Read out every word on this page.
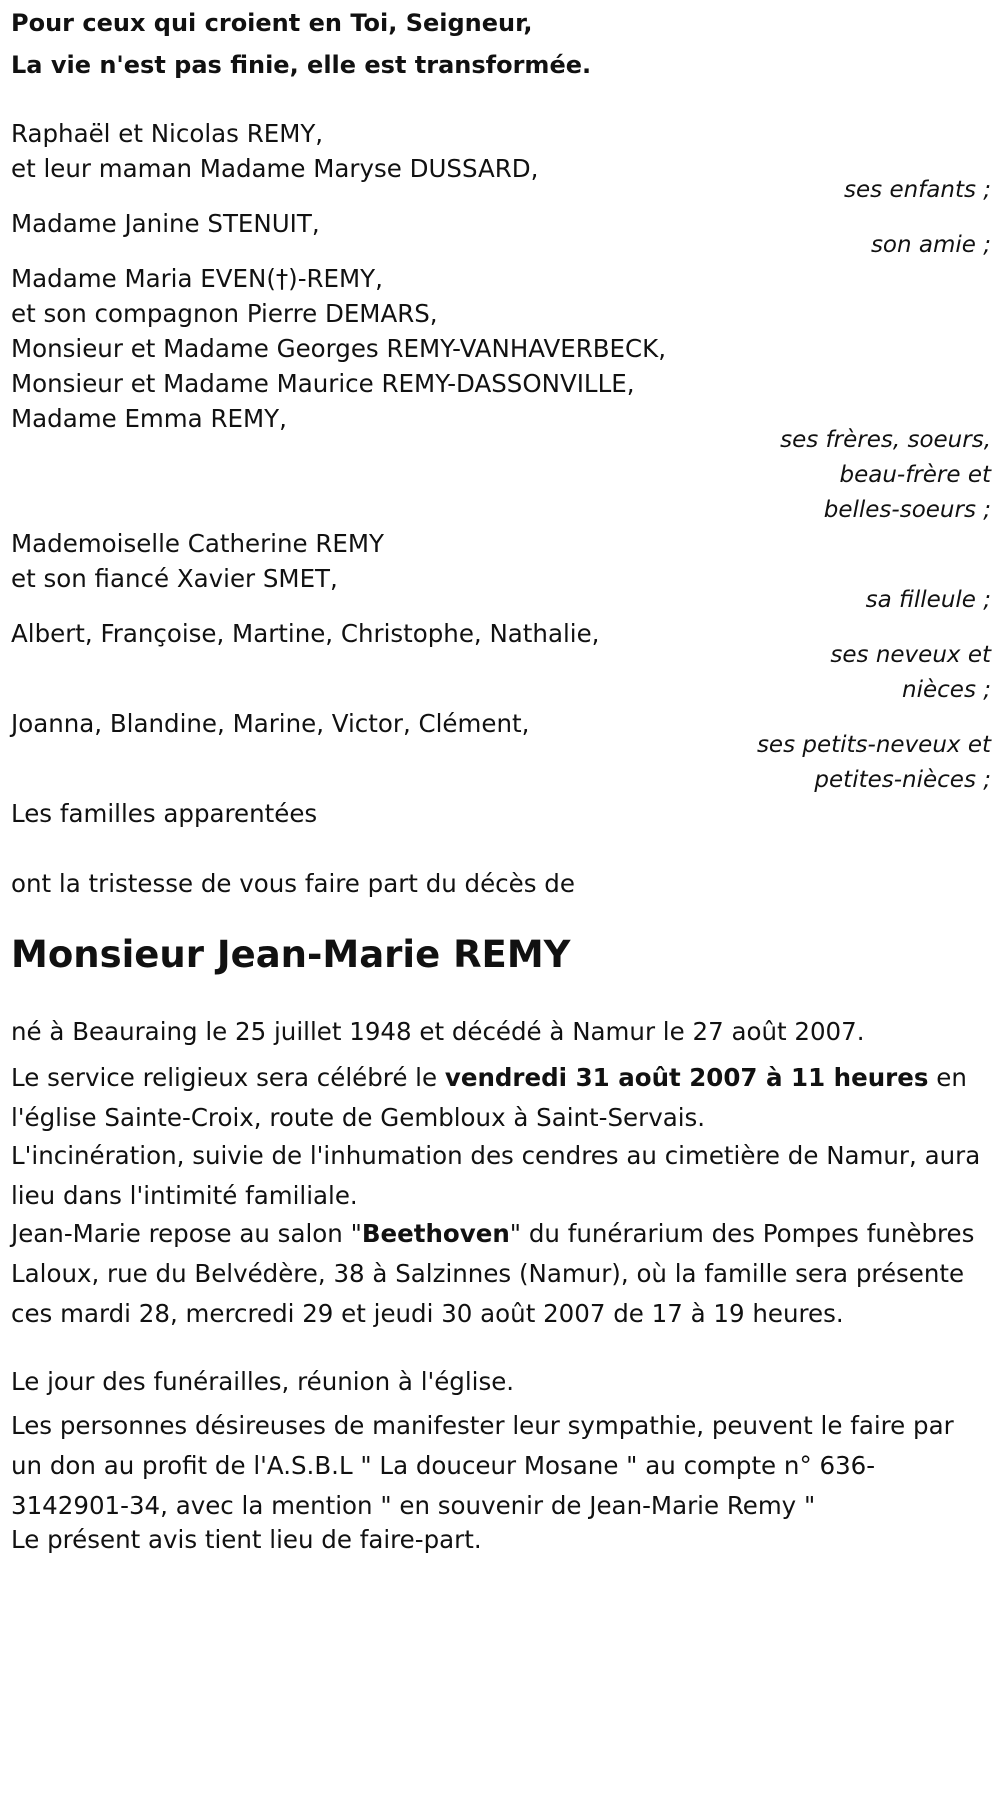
Pour ceux qui croient en Toi, Seigneur,
La vie n'est pas finie, elle est transformée.
Raphaël et Nicolas REMY,
et leur maman Madame Maryse DUSSARD,
ses enfants ;
Madame Janine STENUIT,
son amie ;
Madame Maria EVEN(†)-REMY,
et son compagnon Pierre DEMARS,
Monsieur et Madame Georges REMY-VANHAVERBECK,
Monsieur et Madame Maurice REMY-DASSONVILLE,
Madame Emma REMY,
ses frères, soeurs,
beau-frère et
belles-soeurs ;
Mademoiselle Catherine REMY
et son fiancé Xavier SMET,
sa filleule ;
Albert, Françoise, Martine, Christophe, Nathalie,
ses neveux et
nièces ;
Joanna, Blandine, Marine, Victor, Clément,
ses petits-neveux et
petites-nièces ;
Les familles apparentées
ont la tristesse de vous faire part du décès de
Monsieur Jean-Marie REMY
né à Beauraing le 25 juillet 1948 et décédé à Namur le 27 août 2007.
Le service religieux sera célébré le vendredi 31 août 2007 à 11 heures en l'église Sainte-Croix, route de Gembloux à Saint-Servais.
L'incinération, suivie de l'inhumation des cendres au cimetière de Namur, aura lieu dans l'intimité familiale.
Jean-Marie repose au salon "Beethoven" du funérarium des Pompes funèbres Laloux, rue du Belvédère, 38 à Salzinnes (Namur), où la famille sera présente ces mardi 28, mercredi 29 et jeudi 30 août 2007 de 17 à 19 heures.
Le jour des funérailles, réunion à l'église.
Les personnes désireuses de manifester leur sympathie, peuvent le faire par un don au profit de l'A.S.B.L " La douceur Mosane " au compte n° 636-3142901-34, avec la mention " en souvenir de Jean-Marie Remy "
Le présent avis tient lieu de faire-part.
